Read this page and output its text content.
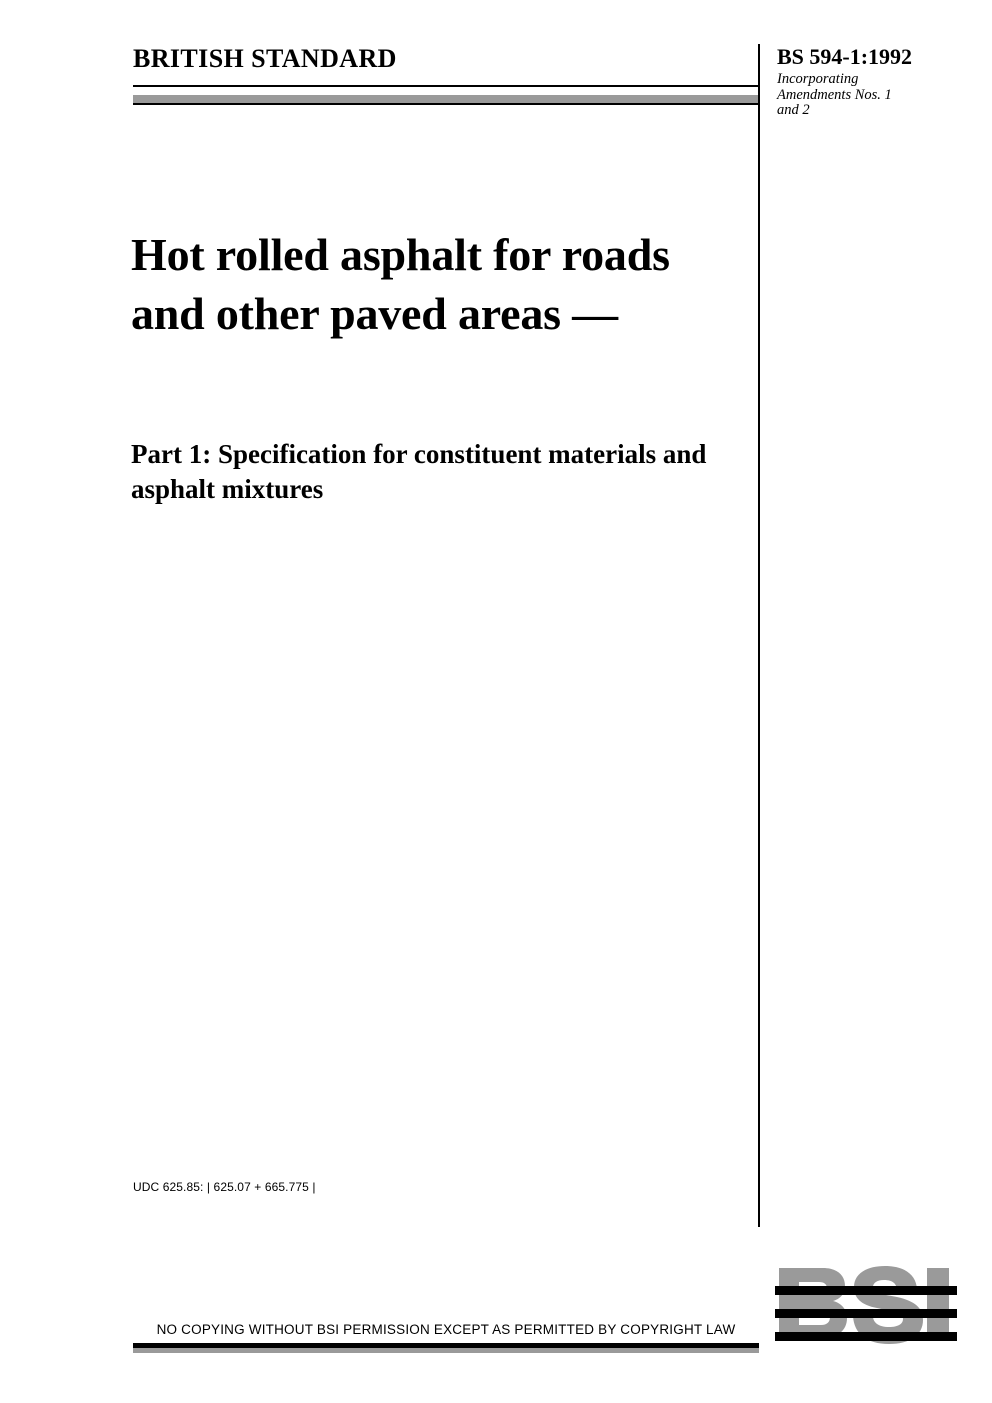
BRITISH STANDARD	BS 594-1:1992
Incorporating
Amendments Nos. 1
and 2
Hot rolled asphalt for roads and other paved areas —
Part 1: Specification for constituent materials and asphalt mixtures
UDC 625.85: | 625.07 + 665.775 |
NO COPYING WITHOUT BSI PERMISSION EXCEPT AS PERMITTED BY COPYRIGHT LAW
